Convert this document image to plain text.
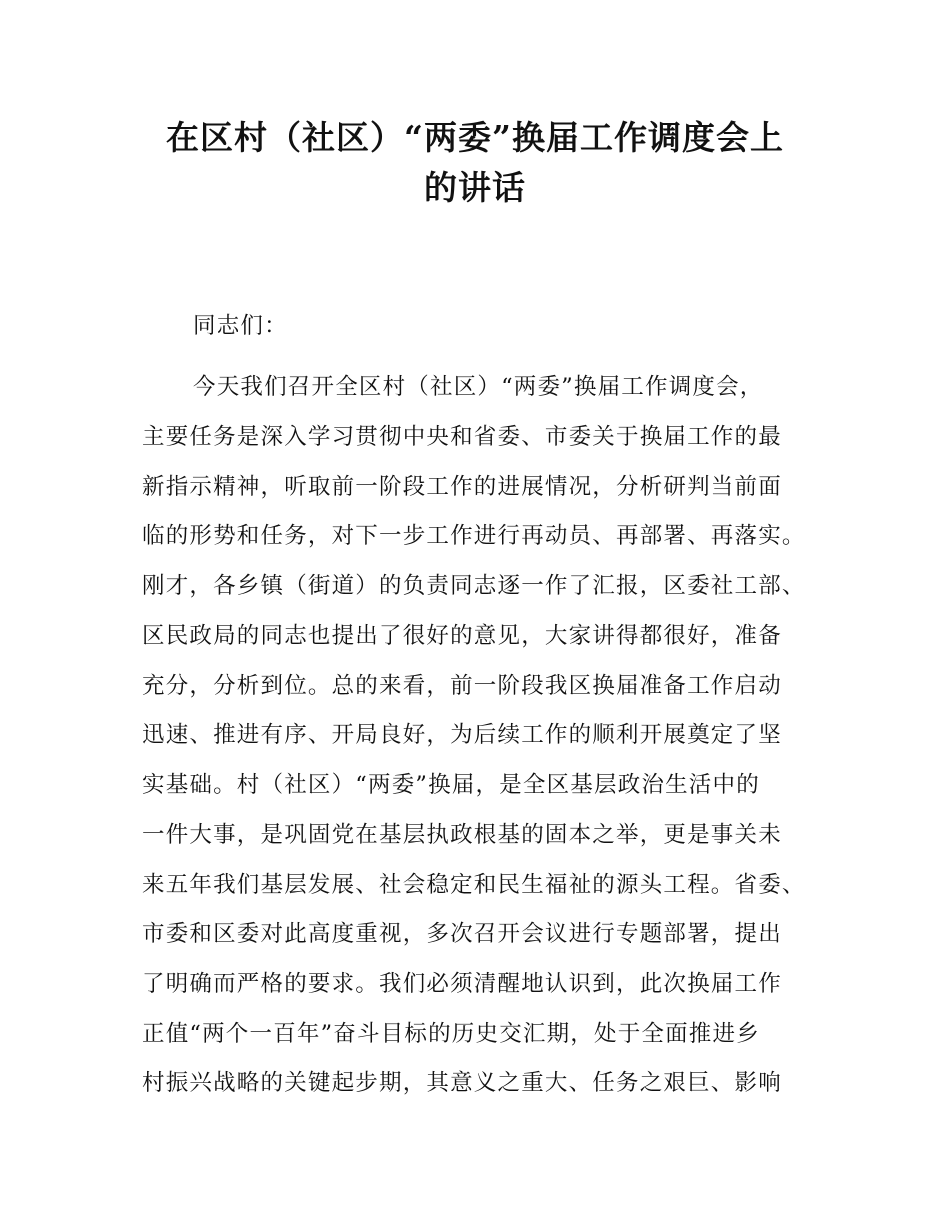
在区村（社区）“两委”换届工作调度会上
的讲话

同志们：

今天我们召开全区村（社区）“两委”换届工作调度会，

主要任务是深入学习贯彻中央和省委、市委关于换届工作的最

新指示精神，听取前一阶段工作的进展情况，分析研判当前面

临的形势和任务，对下一步工作进行再动员、再部署、再落实。

刚才，各乡镇（街道）的负责同志逐一作了汇报，区委社工部、

区民政局的同志也提出了很好的意见，大家讲得都很好，准备

充分，分析到位。总的来看，前一阶段我区换届准备工作启动

迅速、推进有序、开局良好，为后续工作的顺利开展奠定了坚

实基础。村（社区）“两委”换届，是全区基层政治生活中的

一件大事，是巩固党在基层执政根基的固本之举，更是事关未

来五年我们基层发展、社会稳定和民生福祉的源头工程。省委、

市委和区委对此高度重视，多次召开会议进行专题部署，提出

了明确而严格的要求。我们必须清醒地认识到，此次换届工作

正值“两个一百年”奋斗目标的历史交汇期，处于全面推进乡

村振兴战略的关键起步期，其意义之重大、任务之艰巨、影响
